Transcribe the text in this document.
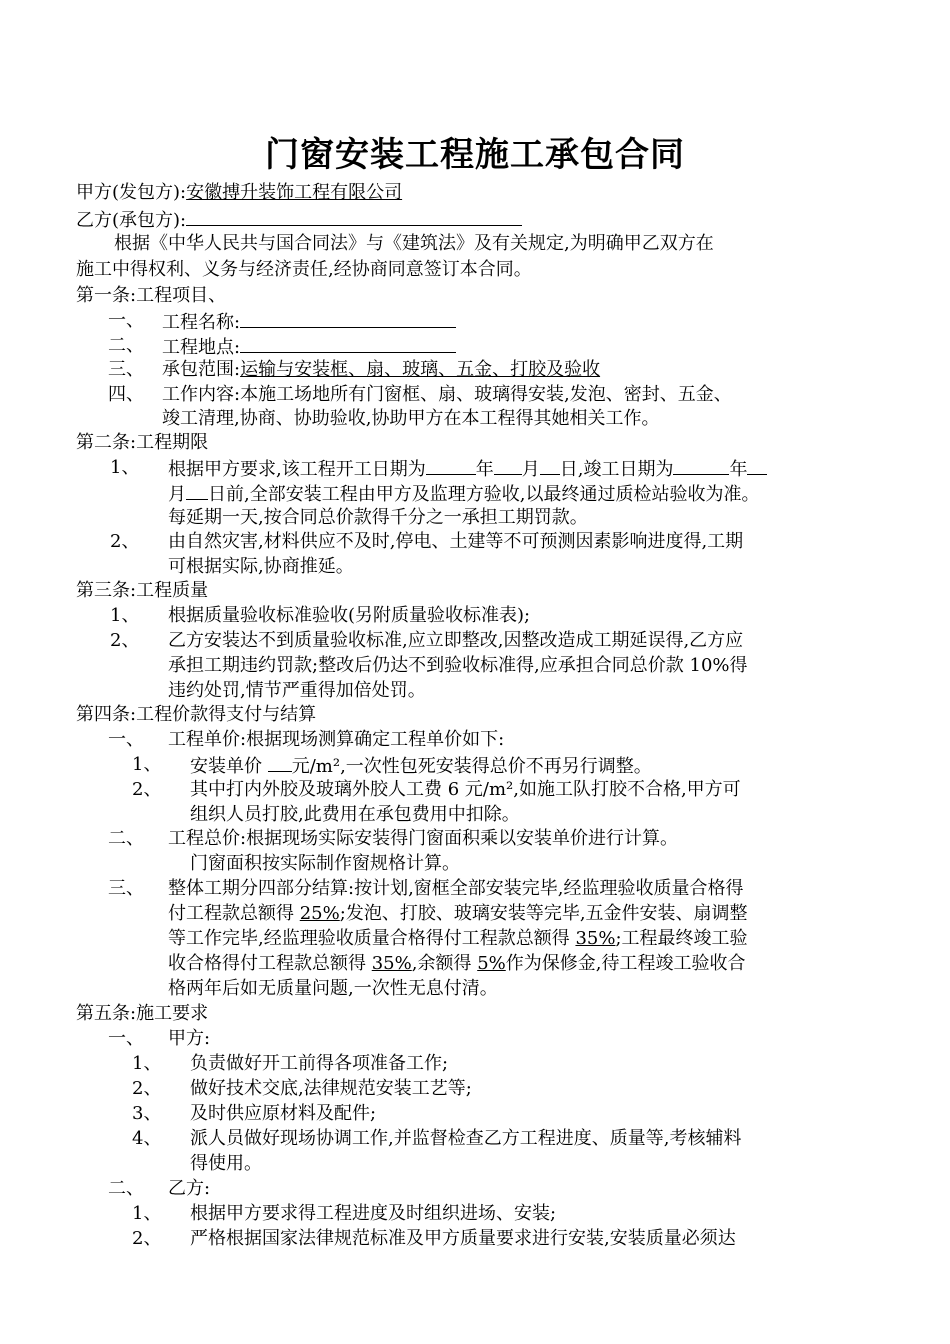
门窗安装工程施工承包合同
甲方(发包方):安徽搏升装饰工程有限公司
乙方(承包方):
根据《中华人民共与国合同法》与《建筑法》及有关规定,为明确甲乙双方在
施工中得权利、义务与经济责任,经协商同意签订本合同。
第一条:工程项目、
一、 工程名称:
二、 工程地点:
三、 承包范围:运输与安装框、扇、玻璃、五金、打胶及验收
四、 工作内容:本施工场地所有门窗框、扇、玻璃得安装,发泡、密封、五金、
竣工清理,协商、协助验收,协助甲方在本工程得其她相关工作。
第二条:工程期限
1、 根据甲方要求,该工程开工日期为	年 月 日,竣工日期为	年
月 日前,全部安装工程由甲方及监理方验收,以最终通过质检站验收为准。
每延期一天,按合同总价款得千分之一承担工期罚款。
2、 由自然灾害,材料供应不及时,停电、土建等不可预测因素影响进度得,工期
可根据实际,协商推延。
第三条:工程质量
1、 根据质量验收标准验收(另附质量验收标准表);
2、 乙方安装达不到质量验收标准,应立即整改,因整改造成工期延误得,乙方应
承担工期违约罚款;整改后仍达不到验收标准得,应承担合同总价款 10%得
违约处罚,情节严重得加倍处罚。
第四条:工程价款得支付与结算
一、 工程单价:根据现场测算确定工程单价如下:
1、 安装单价 元/m²,一次性包死安装得总价不再另行调整。
2、 其中打内外胶及玻璃外胶人工费 6 元/m²,如施工队打胶不合格,甲方可
组织人员打胶,此费用在承包费用中扣除。
二、 工程总价:根据现场实际安装得门窗面积乘以安装单价进行计算。
门窗面积按实际制作窗规格计算。
三、 整体工期分四部分结算:按计划,窗框全部安装完毕,经监理验收质量合格得
付工程款总额得 25%;发泡、打胶、玻璃安装等完毕,五金件安装、扇调整
等工作完毕,经监理验收质量合格得付工程款总额得 35%;工程最终竣工验
收合格得付工程款总额得 35%,余额得 5%作为保修金,待工程竣工验收合
格两年后如无质量问题,一次性无息付清。
第五条:施工要求
一、 甲方:
1、 负责做好开工前得各项准备工作;
2、 做好技术交底,法律规范安装工艺等;
3、 及时供应原材料及配件;
4、 派人员做好现场协调工作,并监督检查乙方工程进度、质量等,考核辅料
得使用。
二、 乙方:
1、 根据甲方要求得工程进度及时组织进场、安装;
2、 严格根据国家法律规范标准及甲方质量要求进行安装,安装质量必须达
